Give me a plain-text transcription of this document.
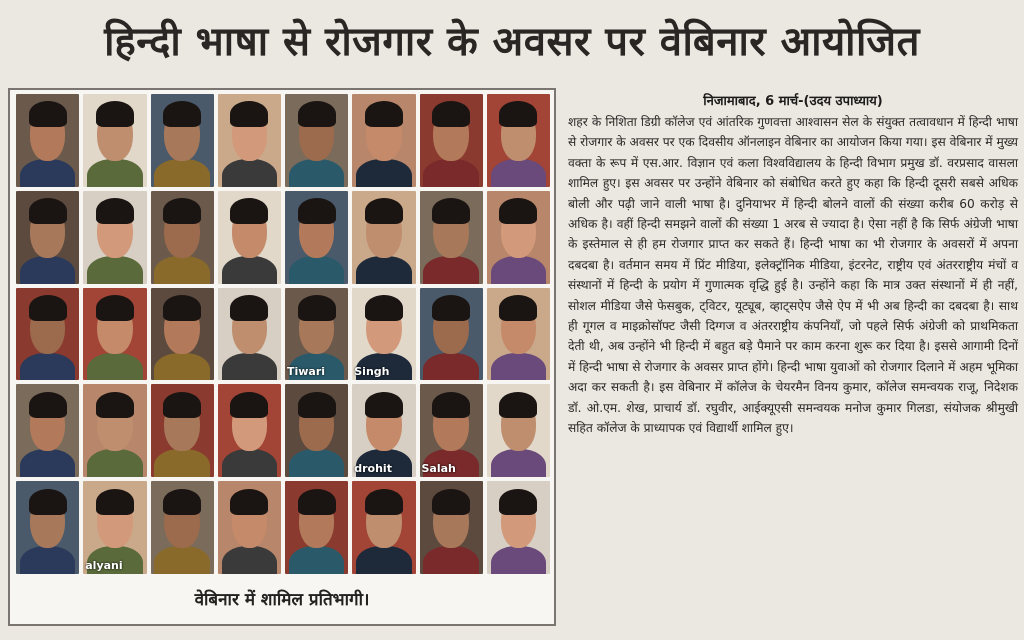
हिन्दी भाषा से रोजगार के अवसर पर वेबिनार आयोजित
Tiwari	Singh
drohit	Salah
alyani
वेबिनार में शामिल प्रतिभागी।
निजामाबाद, 6 मार्च-(उदय उपाध्याय)
शहर के निशिता डिग्री कॉलेज एवं आंतरिक गुणवत्ता आश्वासन सेल के संयुक्त तत्वावधान में हिन्दी भाषा से रोजगार के अवसर पर एक दिवसीय ऑनलाइन वेबिनार का आयोजन किया गया। इस वेबिनार में मुख्य वक्ता के रूप में एस.आर. विज्ञान एवं कला विश्वविद्यालय के हिन्दी विभाग प्रमुख डॉ. वरप्रसाद वासला शामिल हुए। इस अवसर पर उन्होंने वेबिनार को संबोधित करते हुए कहा कि हिन्दी दूसरी सबसे अधिक बोली और पढ़ी जाने वाली भाषा है। दुनियाभर में हिन्दी बोलने वालों की संख्या करीब 60 करोड़ से अधिक है। वहीं हिन्दी समझने वालों की संख्या 1 अरब से ज्यादा है। ऐसा नहीं है कि सिर्फ अंग्रेजी भाषा के इस्तेमाल से ही हम रोजगार प्राप्त कर सकते हैं। हिन्दी भाषा का भी रोजगार के अवसरों में अपना दबदबा है। वर्तमान समय में प्रिंट मीडिया, इलेक्ट्रॉनिक मीडिया, इंटरनेट, राष्ट्रीय एवं अंतरराष्ट्रीय मंचों व संस्थानों में हिन्दी के प्रयोग में गुणात्मक वृद्धि हुई है। उन्होंने कहा कि मात्र उक्त संस्थानों में ही नहीं, सोशल मीडिया जैसे फेसबुक, ट्विटर, यूट्यूब, व्हाट्सऐप जैसे ऐप में भी अब हिन्दी का दबदबा है। साथ ही गूगल व माइक्रोसॉफ्ट जैसी दिग्गज व अंतरराष्ट्रीय कंपनियाँ, जो पहले सिर्फ अंग्रेजी को प्राथमिकता देती थी, अब उन्होंने भी हिन्दी में बहुत बड़े पैमाने पर काम करना शुरू कर दिया है। इससे आगामी दिनों में हिन्दी भाषा से रोजगार के अवसर प्राप्त होंगे। हिन्दी भाषा युवाओं को रोजगार दिलाने में अहम भूमिका अदा कर सकती है। इस वेबिनार में कॉलेज के चेयरमैन विनय कुमार, कॉलेज समन्वयक राजू, निदेशक डॉ. ओ.एम. शेख, प्राचार्य डॉ. रघुवीर, आईक्यूएसी समन्वयक मनोज कुमार गिलडा, संयोजक श्रीमुखी सहित कॉलेज के प्राध्यापक एवं विद्यार्थी शामिल हुए।
